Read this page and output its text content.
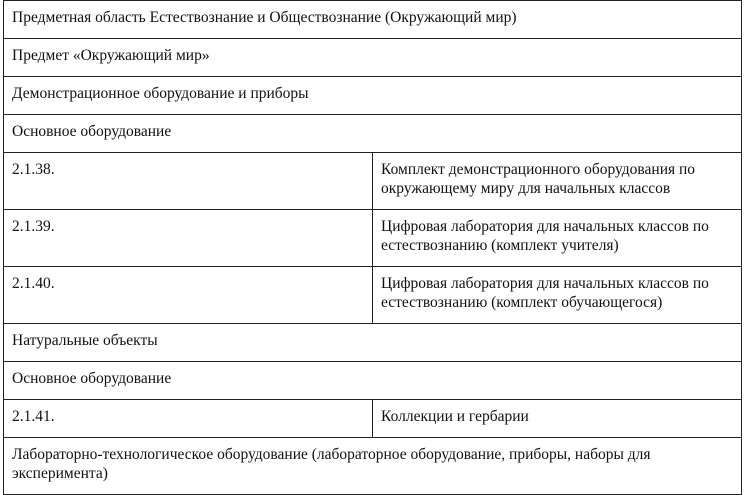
Предметная область Естествознание и Обществознание (Окружающий мир)	
Предмет «Окружающий мир»	
Демонстрационное оборудование и приборы	
Основное оборудование	
2.1.38.	Комплект демонстрационного оборудования по окружающему миру для начальных классов
2.1.39.	Цифровая лаборатория для начальных классов по естествознанию (комплект учителя)
2.1.40.	Цифровая лаборатория для начальных классов по естествознанию (комплект обучающегося)
Натуральные объекты	
Основное оборудование	
2.1.41.	Коллекции и гербарии
Лабораторно-технологическое оборудование (лабораторное оборудование, приборы, наборы для эксперимента)	
